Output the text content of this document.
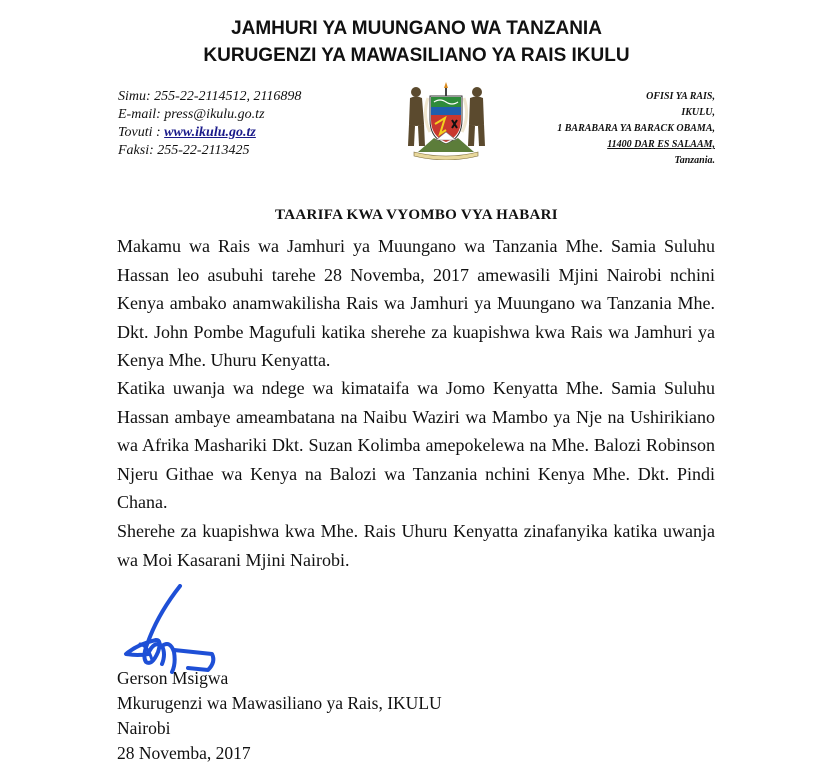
JAMHURI YA MUUNGANO WA TANZANIA
KURUGENZI YA MAWASILIANO YA RAIS IKULU
Simu: 255-22-2114512, 2116898
E-mail: press@ikulu.go.tz
Tovuti : www.ikulu.go.tz
Faksi: 255-22-2113425
OFISI YA RAIS,
IKULU,
1 BARABARA YA BARACK OBAMA,
11400 DAR ES SALAAM,
Tanzania.
TAARIFA KWA VYOMBO VYA HABARI

Makamu wa Rais wa Jamhuri ya Muungano wa Tanzania Mhe. Samia Suluhu Hassan leo asubuhi tarehe 28 Novemba, 2017 amewasili Mjini Nairobi nchini Kenya ambako anamwakilisha Rais wa Jamhuri ya Muungano wa Tanzania Mhe. Dkt. John Pombe Magufuli katika sherehe za kuapishwa kwa Rais wa Jamhuri ya Kenya Mhe. Uhuru Kenyatta.

Katika uwanja wa ndege wa kimataifa wa Jomo Kenyatta Mhe. Samia Suluhu Hassan ambaye ameambatana na Naibu Waziri wa Mambo ya Nje na Ushirikiano wa Afrika Mashariki Dkt. Suzan Kolimba amepokelewa na Mhe. Balozi Robinson Njeru Githae wa Kenya na Balozi wa Tanzania nchini Kenya Mhe. Dkt. Pindi Chana.

Sherehe za kuapishwa kwa Mhe. Rais Uhuru Kenyatta zinafanyika katika uwanja wa Moi Kasarani Mjini Nairobi.

Gerson Msigwa
Mkurugenzi wa Mawasiliano ya Rais, IKULU
Nairobi
28 Novemba, 2017
